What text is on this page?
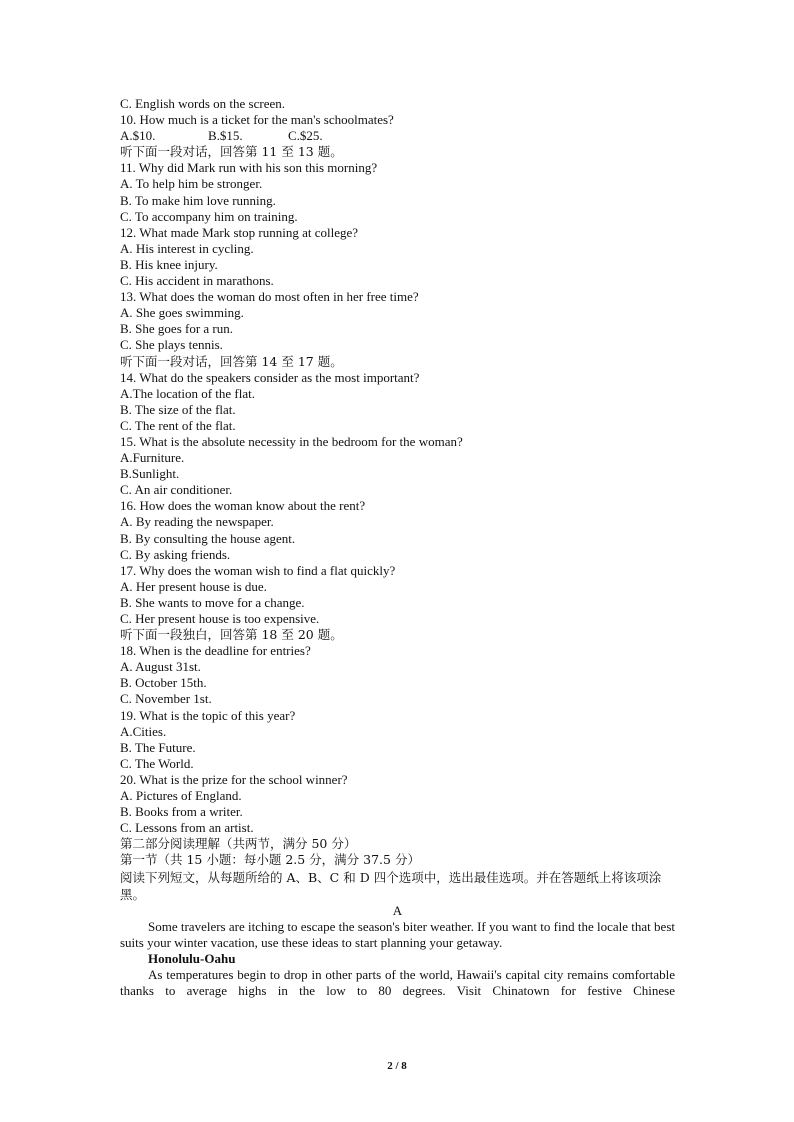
C. English words on the screen.
10. How much is a ticket for the man's schoolmates?
A.$10.	B.$15.	C.$25.
听下面一段对话，回答第 11 至 13 题。
11. Why did Mark run with his son this morning?
A. To help him be stronger.
B. To make him love running.
C. To accompany him on training.
12. What made Mark stop running at college?
A. His interest in cycling.
B. His knee injury.
C. His accident in marathons.
13. What does the woman do most often in her free time?
A. She goes swimming.
B. She goes for a run.
C. She plays tennis.
听下面一段对话，回答第 14 至 17 题。
14. What do the speakers consider as the most important?
A.The location of the flat.
B. The size of the flat.
C. The rent of the flat.
15. What is the absolute necessity in the bedroom for the woman?
A.Furniture.
B.Sunlight.
C. An air conditioner.
16. How does the woman know about the rent?
A. By reading the newspaper.
B. By consulting the house agent.
C. By asking friends.
17. Why does the woman wish to find a flat quickly?
A. Her present house is due.
B. She wants to move for a change.
C. Her present house is too expensive.
听下面一段独白，回答第 18 至 20 题。
18. When is the deadline for entries?
A. August 31st.
B. October 15th.
C. November 1st.
19. What is the topic of this year?
A.Cities.
B. The Future.
C. The World.
20. What is the prize for the school winner?
A. Pictures of England.
B. Books from a writer.
C. Lessons from an artist.
第二部分阅读理解（共两节，满分 50 分）
第一节（共 15 小题：每小题 2.5 分，满分 37.5 分）
阅读下列短文，从每题所给的 A、B、C 和 D 四个选项中，选出最佳选项。并在答题纸上将该项涂黑。
A
Some travelers are itching to escape the season's biter weather. If you want to find the locale that best suits your winter vacation, use these ideas to start planning your getaway.
Honolulu-Oahu
As temperatures begin to drop in other parts of the world, Hawaii's capital city remains comfortable thanks to average highs in the low to 80 degrees. Visit Chinatown for festive Chinese
2 / 8
